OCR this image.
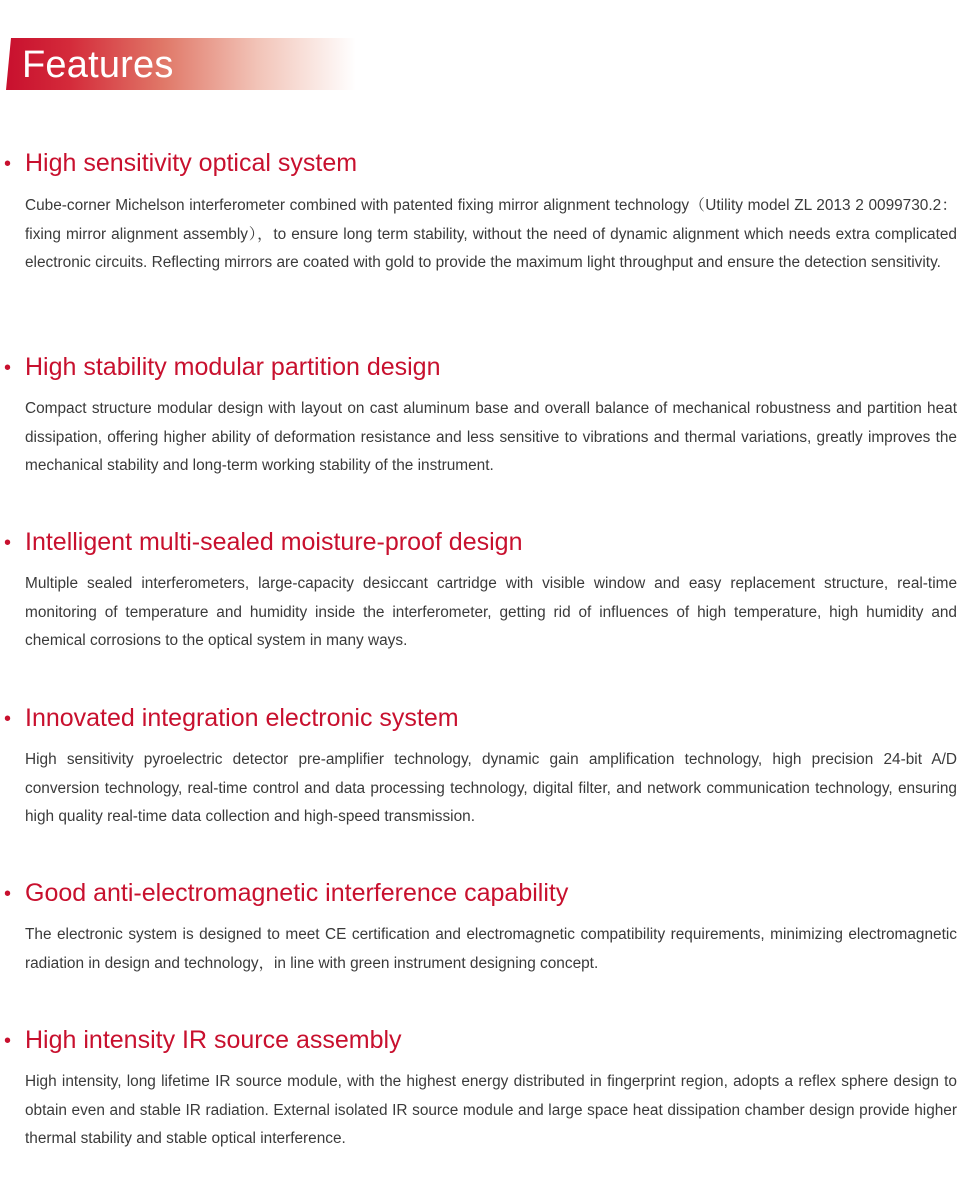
Features
• High sensitivity optical system
Cube-corner Michelson interferometer combined with patented fixing mirror alignment technology（Utility model ZL 2013 2 0099730.2：fixing mirror alignment assembly），to ensure long term stability, without the need of dynamic alignment which needs extra complicated electronic circuits. Reflecting mirrors are coated with gold to provide the maximum light throughput and ensure the detection sensitivity.
• High stability modular partition design
Compact structure modular design with layout on cast aluminum base and overall balance of mechanical robustness and partition heat dissipation, offering higher ability of deformation resistance and less sensitive to vibrations and thermal variations, greatly improves the mechanical stability and long-term working stability of the instrument.
• Intelligent multi-sealed moisture-proof design
Multiple sealed interferometers, large-capacity desiccant cartridge with visible window and easy replacement structure, real-time monitoring of temperature and humidity inside the interferometer, getting rid of influences of high temperature, high humidity and chemical corrosions to the optical system in many ways.
• Innovated integration electronic system
High sensitivity pyroelectric detector pre-amplifier technology, dynamic gain amplification technology, high precision 24-bit A/D conversion technology, real-time control and data processing technology, digital filter, and network communication technology, ensuring high quality real-time data collection and high-speed transmission.
• Good anti-electromagnetic interference capability
The electronic system is designed to meet CE certification and electromagnetic compatibility requirements, minimizing electromagnetic radiation in design and technology，in line with green instrument designing concept.
• High intensity IR source assembly
High intensity, long lifetime IR source module, with the highest energy distributed in fingerprint region, adopts a reflex sphere design to obtain even and stable IR radiation. External isolated IR source module and large space heat dissipation chamber design provide higher thermal stability and stable optical interference.
